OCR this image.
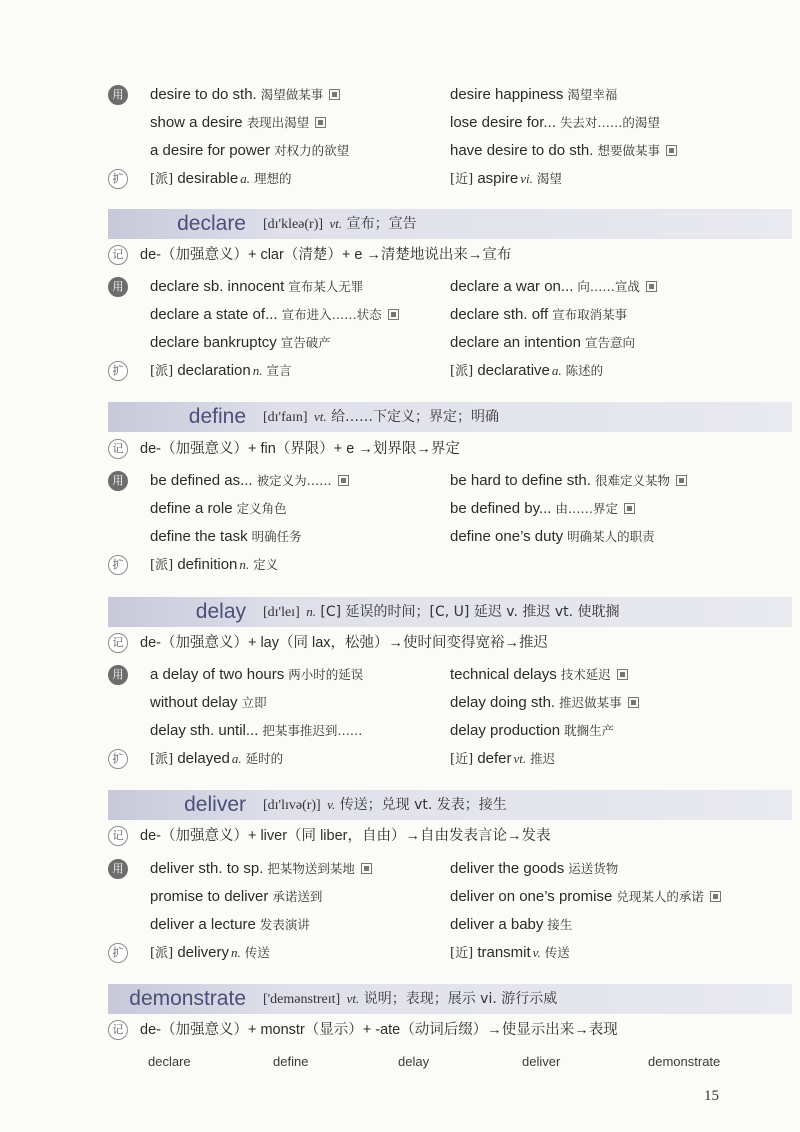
用	desire to do sth. 渴望做某事	desire happiness 渴望幸福
show a desire 表现出渴望	lose desire for... 失去对……的渴望
a desire for power 对权力的欲望	have desire to do sth. 想要做某事
扩	[派] desirable a. 理想的	[近] aspire vi. 渴望
declare [dɪ'kleə(r)] vt. 宣布；宣告
记	de-（加强意义）+ clar（清楚）+ e →清楚地说出来→宣布
用	declare sb. innocent 宣布某人无罪	declare a war on... 向……宣战
declare a state of... 宣布进入……状态	declare sth. off 宣布取消某事
declare bankruptcy 宣告破产	declare an intention 宣告意向
扩	[派] declaration n. 宣言	[派] declarative a. 陈述的
define [dɪ'faɪn] vt. 给……下定义；界定；明确
记	de-（加强意义）+ fin（界限）+ e →划界限→界定
用	be defined as... 被定义为……	be hard to define sth. 很难定义某物
define a role 定义角色	be defined by... 由……界定
define the task 明确任务	define one’s duty 明确某人的职责
扩	[派] definition n. 定义
delay [dɪ'leɪ] n. [C] 延误的时间；[C, U] 延迟 v. 推迟 vt. 使耽搁
记	de-（加强意义）+ lay（同 lax，松弛）→使时间变得宽裕→推迟
用	a delay of two hours 两小时的延误	technical delays 技术延迟
without delay 立即	delay doing sth. 推迟做某事
delay sth. until... 把某事推迟到……	delay production 耽搁生产
扩	[派] delayed a. 延时的	[近] defer vt. 推迟
deliver [dɪ'lɪvə(r)] v. 传送；兑现 vt. 发表；接生
记	de-（加强意义）+ liver（同 liber，自由）→自由发表言论→发表
用	deliver sth. to sp. 把某物送到某地	deliver the goods 运送货物
promise to deliver 承诺送到	deliver on one’s promise 兑现某人的承诺
deliver a lecture 发表演讲	deliver a baby 接生
扩	[派] delivery n. 传送	[近] transmit v. 传送
demonstrate ['demənstreɪt] vt. 说明；表现；展示 vi. 游行示威
记	de-（加强意义）+ monstr（显示）+ -ate（动词后缀）→使显示出来→表现
declare	define	delay	deliver	demonstrate
15
